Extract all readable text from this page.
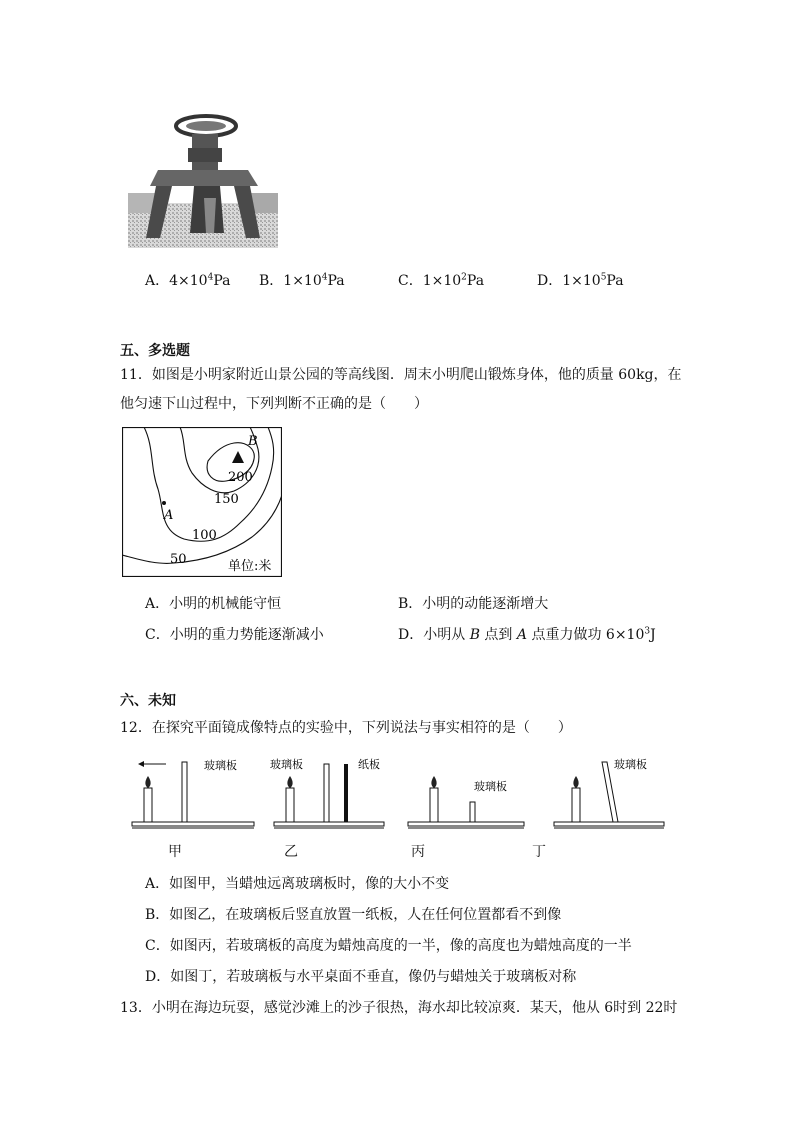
A．$4\times 10^4Pa$ B．$1\times 10^4Pa$	C．$1\times 10^2Pa$	D．$1\times 10^5Pa$
五、多选题
11．如图是小明家附近山景公园的等高线图．周末小明爬山锻炼身体，他的质量 60kg，在
他匀速下山过程中，下列判断不正确的是（　　）
A
B
200
150
100
50	单位:米
A．小明的机械能守恒	B．小明的动能逐渐增大
C．小明的重力势能逐渐减小	D．小明从 B 点到 A 点重力做功 $6\times 10^3J$
六、未知
12．在探究平面镜成像特点的实验中，下列说法与事实相符的是（　　）
玻璃板	玻璃板	纸板
玻璃板
玻璃板
甲	乙	丙	丁
A．如图甲，当蜡烛远离玻璃板时，像的大小不变
B．如图乙，在玻璃板后竖直放置一纸板，人在任何位置都看不到像
C．如图丙，若玻璃板的高度为蜡烛高度的一半，像的高度也为蜡烛高度的一半
D．如图丁，若玻璃板与水平桌面不垂直，像仍与蜡烛关于玻璃板对称
13．小明在海边玩耍，感觉沙滩上的沙子很热，海水却比较凉爽．某天，他从 6时到 22时
